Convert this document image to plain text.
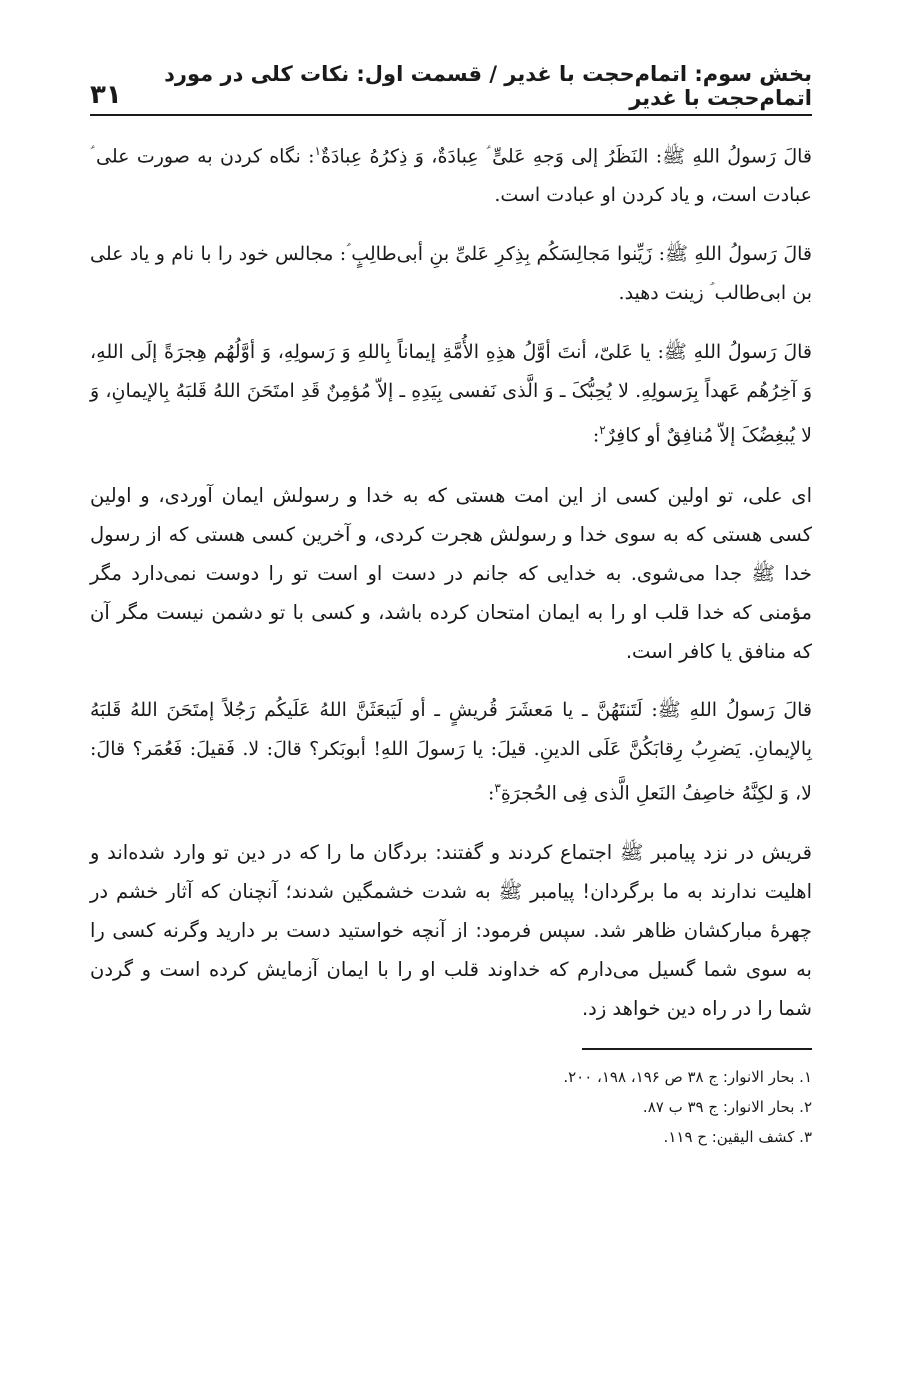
بخش سوم: اتمام‌حجت با غدیر / قسمت اول: نکات کلی در مورد اتمام‌حجت با غدیر
۳۱

قالَ رَسولُ اللهِ ﷺ: النَظَرُ إلی وَجهِ عَلیٍّ ؑ عِبادَةٌ، وَ ذِکرُهُ عِبادَةٌ$^۱$: نگاه کردن به صورت علی ؑ عبادت است، و یاد کردن او عبادت است.

قالَ رَسولُ اللهِ ﷺ: زَیِّنوا مَجالِسَکُم بِذِکرِ عَلیِّ بنِ أبی‌طالِبٍ ؑ: مجالس خود را با نام و یاد علی بن ابی‌طالب ؑ زینت دهید.

قالَ رَسولُ اللهِ ﷺ: یا عَلیّ، أنتَ أوَّلُ هذِهِ الأُمَّةِ إیماناً بِاللهِ وَ رَسولِهِ، وَ أوَّلُهُم هِجرَةً إلَی اللهِ، وَ آخِرُهُم عَهداً بِرَسولِهِ. لا یُحِبُّکَ ـ وَ الَّذی نَفسی بِیَدِهِ ـ إلاّ مُؤمِنٌ قَدِ امتَحَنَ اللهُ قَلبَهُ بِالإیمانِ، وَ لا یُبغِضُکَ إلاّ مُنافِقٌ أو کافِرٌ$^۲$:

ای علی، تو اولین کسی از این امت هستی که به خدا و رسولش ایمان آوردی، و اولین کسی هستی که به سوی خدا و رسولش هجرت کردی، و آخرین کسی هستی که از رسول خدا ﷺ جدا می‌شوی. به خدایی که جانم در دست او است تو را دوست نمی‌دارد مگر مؤمنی که خدا قلب او را به ایمان امتحان کرده باشد، و کسی با تو دشمن نیست مگر آن که منافق یا کافر است.

قالَ رَسولُ اللهِ ﷺ: لَتَنتَهُنَّ ـ یا مَعشَرَ قُریشٍ ـ أو لَیَبعَثَنَّ اللهُ عَلَیکُم رَجُلاً إمتَحَنَ اللهُ قَلبَهُ بِالإیمانِ. یَضرِبُ رِقابَکُنَّ عَلَی الدینِ. قیلَ: یا رَسولَ اللهِ! أبوبَکر؟ قالَ: لا. فَقیلَ: فَعُمَر؟ قالَ: لا، وَ لکِنَّهُ خاصِفُ النَعلِ الَّذی فِی الحُجرَةِ$^۳$:

قریش در نزد پیامبر ﷺ اجتماع کردند و گفتند: بردگان ما را که در دین تو وارد شده‌اند و اهلیت ندارند به ما برگردان! پیامبر ﷺ به شدت خشمگین شدند؛ آنچنان که آثار خشم در چهرهٔ مبارکشان ظاهر شد. سپس فرمود: از آنچه خواستید دست بر دارید وگرنه کسی را به سوی شما گسیل می‌دارم که خداوند قلب او را با ایمان آزمایش کرده است و گردن شما را در راه دین خواهد زد.

۱. بحار الانوار: ج ۳۸ ص ۱۹۶، ۱۹۸، ۲۰۰.

۲. بحار الانوار: ج ۳۹ ب ۸۷.

۳. کشف الیقین: ح ۱۱۹.
